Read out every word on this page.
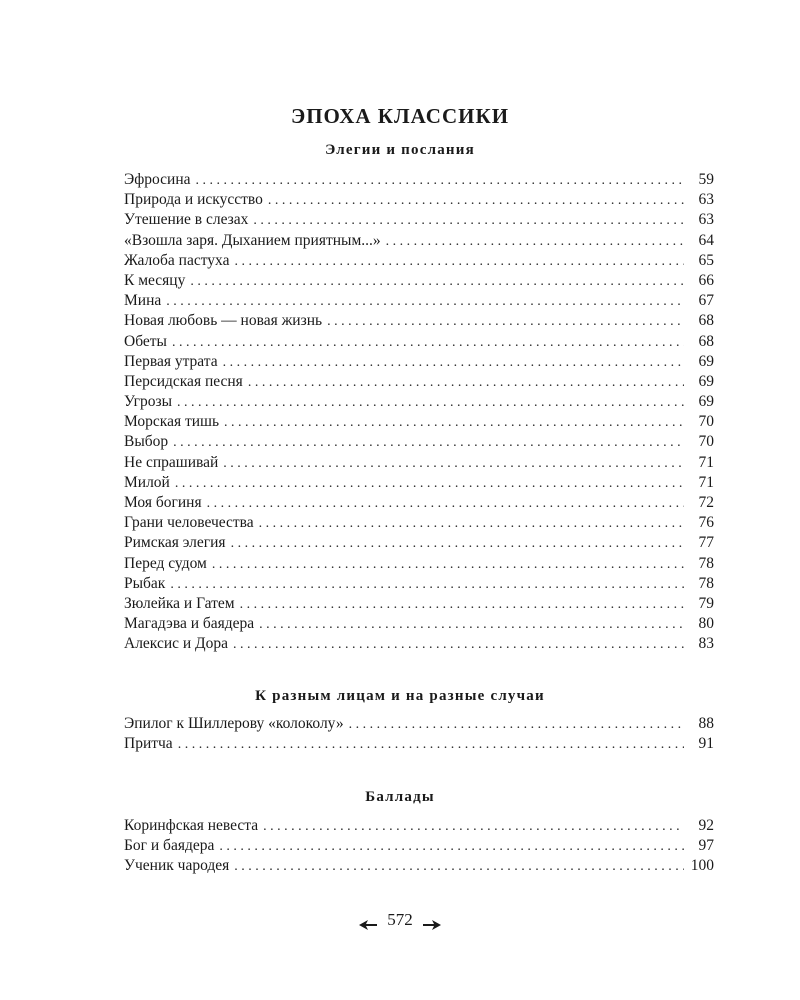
ЭПОХА КЛАССИКИ
Элегии и послания
Эфросина . . .	59
Природа и искусство . . .	63
Утешение в слезах . . .	63
«Взошла заря. Дыханием приятным...» . . .	64
Жалоба пастуха . . .	65
К месяцу . . .	66
Мина . . .	67
Новая любовь — новая жизнь . . .	68
Обеты . . .	68
Первая утрата . . .	69
Персидская песня . . .	69
Угрозы . . .	69
Морская тишь . . .	70
Выбор . . .	70
Не спрашивай . . .	71
Милой . . .	71
Моя богиня . . .	72
Грани человечества . . .	76
Римская элегия . . .	77
Перед судом . . .	78
Рыбак . . .	78
Зюлейка и Гатем . . .	79
Магадэва и баядера . . .	80
Алексис и Дора . . .	83
К разным лицам и на разные случаи
Эпилог к Шиллерову «колоколу» . . .	88
Притча . . .	91
Баллады
Коринфская невеста . . .	92
Бог и баядера . . .	97
Ученик чародея . . .	100
572
